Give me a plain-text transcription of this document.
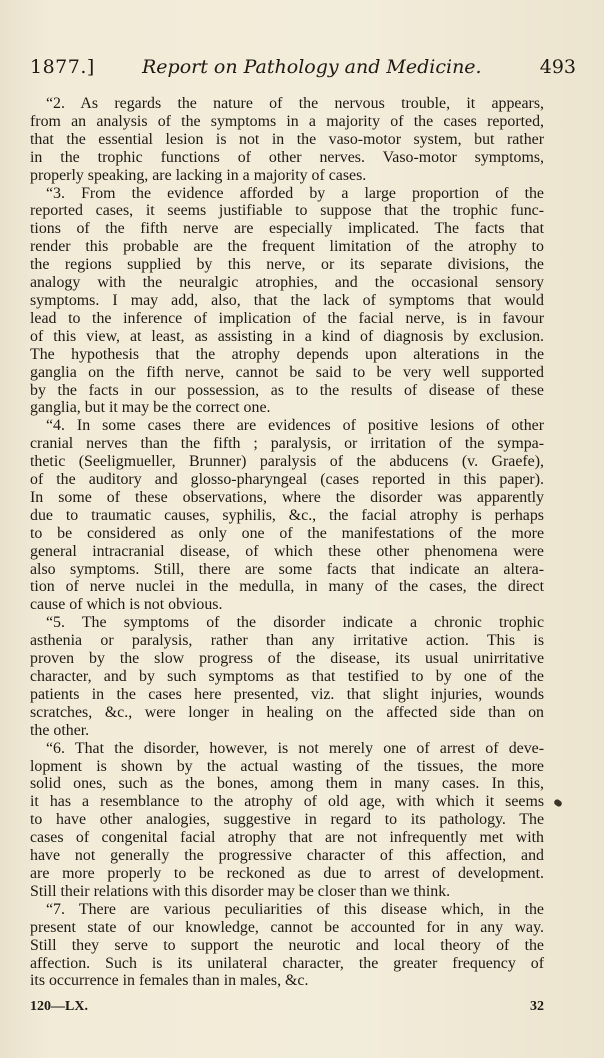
1877.] Report on Pathology and Medicine.	493
“2. As regards the nature of the nervous trouble, it appears,
from an analysis of the symptoms in a majority of the cases reported,
that the essential lesion is not in the vaso-motor system, but rather
in the trophic functions of other nerves. Vaso-motor symptoms,
properly speaking, are lacking in a majority of cases.
“3. From the evidence afforded by a large proportion of the
reported cases, it seems justifiable to suppose that the trophic func-
tions of the fifth nerve are especially implicated. The facts that
render this probable are the frequent limitation of the atrophy to
the regions supplied by this nerve, or its separate divisions, the
analogy with the neuralgic atrophies, and the occasional sensory
symptoms. I may add, also, that the lack of symptoms that would
lead to the inference of implication of the facial nerve, is in favour
of this view, at least, as assisting in a kind of diagnosis by exclusion.
The hypothesis that the atrophy depends upon alterations in the
ganglia on the fifth nerve, cannot be said to be very well supported
by the facts in our possession, as to the results of disease of these
ganglia, but it may be the correct one.
“4. In some cases there are evidences of positive lesions of other
cranial nerves than the fifth ; paralysis, or irritation of the sympa-
thetic (Seeligmueller, Brunner) paralysis of the abducens (v. Graefe),
of the auditory and glosso-pharyngeal (cases reported in this paper).
In some of these observations, where the disorder was apparently
due to traumatic causes, syphilis, &c., the facial atrophy is perhaps
to be considered as only one of the manifestations of the more
general intracranial disease, of which these other phenomena were
also symptoms. Still, there are some facts that indicate an altera-
tion of nerve nuclei in the medulla, in many of the cases, the direct
cause of which is not obvious.
“5. The symptoms of the disorder indicate a chronic trophic
asthenia or paralysis, rather than any irritative action. This is
proven by the slow progress of the disease, its usual unirritative
character, and by such symptoms as that testified to by one of the
patients in the cases here presented, viz. that slight injuries, wounds
scratches, &c., were longer in healing on the affected side than on
the other.
“6. That the disorder, however, is not merely one of arrest of deve-
lopment is shown by the actual wasting of the tissues, the more
solid ones, such as the bones, among them in many cases. In this,
it has a resemblance to the atrophy of old age, with which it seems
to have other analogies, suggestive in regard to its pathology. The
cases of congenital facial atrophy that are not infrequently met with
have not generally the progressive character of this affection, and
are more properly to be reckoned as due to arrest of development.
Still their relations with this disorder may be closer than we think.
“7. There are various peculiarities of this disease which, in the
present state of our knowledge, cannot be accounted for in any way.
Still they serve to support the neurotic and local theory of the
affection. Such is its unilateral character, the greater frequency of
its occurrence in females than in males, &c.
120—LX.	32
